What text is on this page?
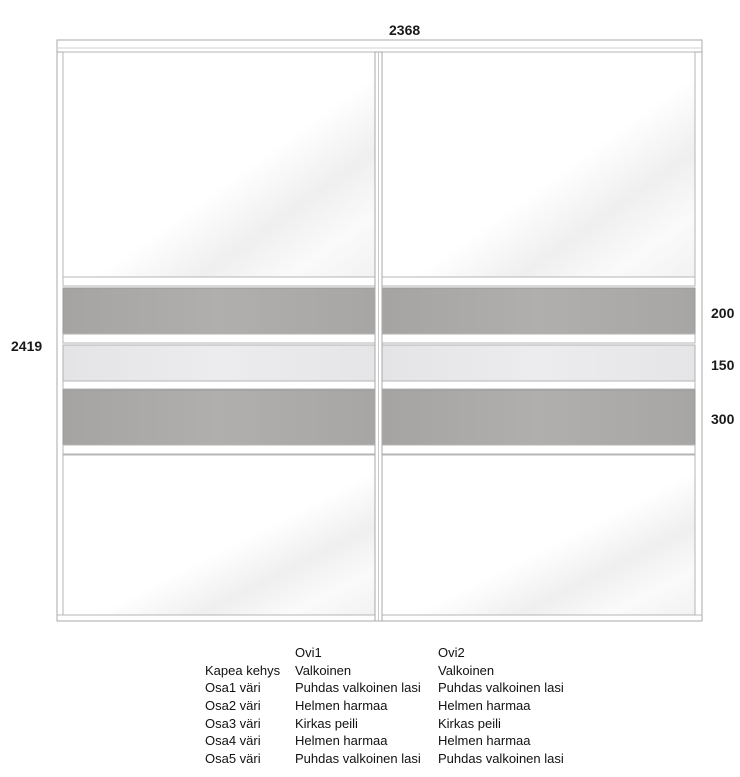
2368
2419
200
150
300
	Ovi1	Ovi2
Kapea kehys	Valkoinen	Valkoinen
Osa1 väri	Puhdas valkoinen lasi	Puhdas valkoinen lasi
Osa2 väri	Helmen harmaa	Helmen harmaa
Osa3 väri	Kirkas peili	Kirkas peili
Osa4 väri	Helmen harmaa	Helmen harmaa
Osa5 väri	Puhdas valkoinen lasi	Puhdas valkoinen lasi
